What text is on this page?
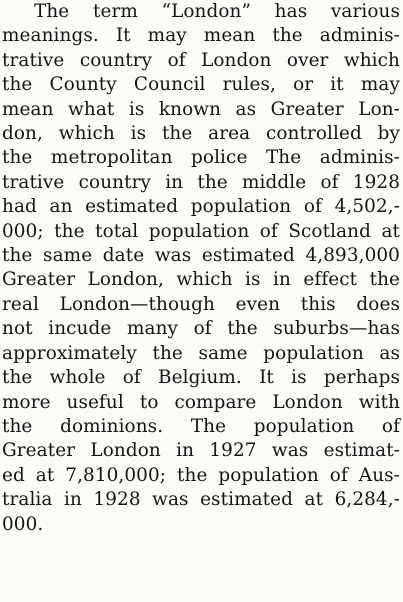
The term “London” has various
meanings. It may mean the adminis-
trative country of London over which
the County Council rules, or it may
mean what is known as Greater Lon-
don, which is the area controlled by
the metropolitan police The adminis-
trative country in the middle of 1928
had an estimated population of 4,502,-
000; the total population of Scotland at
the same date was estimated 4,893,000
Greater London, which is in effect the
real London—though even this does
not incude many of the suburbs—has
approximately the same population as
the whole of Belgium. It is perhaps
more useful to compare London with
the dominions. The population of
Greater London in 1927 was estimat-
ed at 7,810,000; the population of Aus-
tralia in 1928 was estimated at 6,284,-
000.
